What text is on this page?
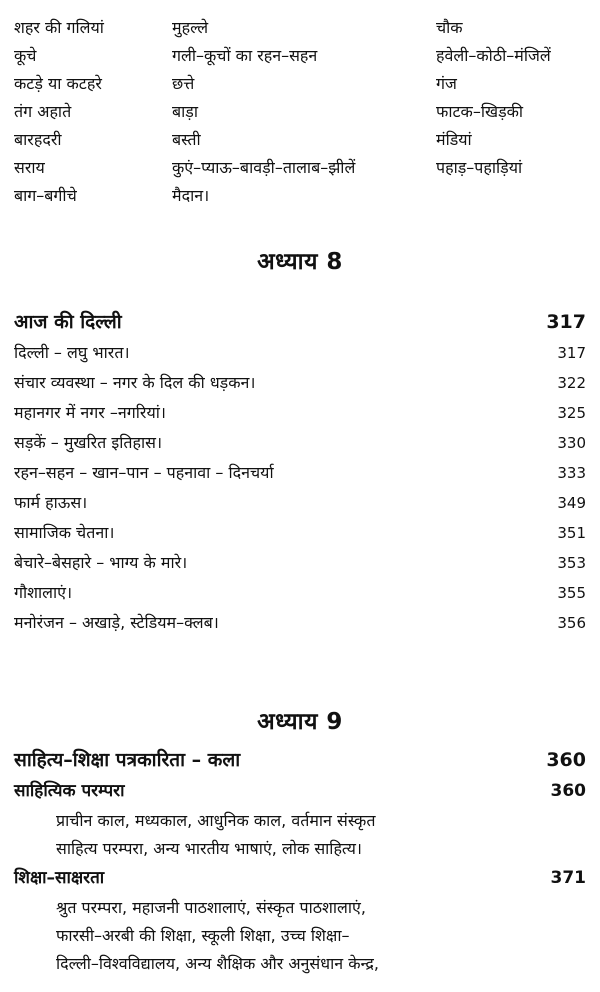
शहर की गलियां	मुहल्ले	चौक
कूचे	गली–कूचों का रहन–सहन	हवेली–कोठी–मंजिलें
कटड़े या कटहरे	छत्ते	गंज
तंग अहाते	बाड़ा	फाटक–खिड़की
बारहदरी	बस्ती	मंडियां
सराय	कुएं–प्याऊ–बावड़ी–तालाब–झीलें	पहाड़–पहाड़ियां
बाग–बगीचे	मैदान।
अध्याय 8
आज की दिल्ली	317
दिल्ली – लघु भारत।	317
संचार व्यवस्था – नगर के दिल की धड़कन।	322
महानगर में नगर –नगरियां।	325
सड़कें – मुखरित इतिहास।	330
रहन–सहन – खान–पान – पहनावा – दिनचर्या	333
फार्म हाऊस।	349
सामाजिक चेतना।	351
बेचारे–बेसहारे – भाग्य के मारे।	353
गौशालाएं।	355
मनोरंजन – अखाड़े, स्टेडियम–क्लब।	356
अध्याय 9
साहित्य–शिक्षा पत्रकारिता – कला	360
साहित्यिक परम्परा	360
प्राचीन काल, मध्यकाल, आधुनिक काल, वर्तमान संस्कृत
साहित्य परम्परा, अन्य भारतीय भाषाएं, लोक साहित्य।
शिक्षा–साक्षरता	371
श्रुत परम्परा, महाजनी पाठशालाएं, संस्कृत पाठशालाएं,
फारसी–अरबी की शिक्षा, स्कूली शिक्षा, उच्च शिक्षा–
दिल्ली–विश्वविद्यालय, अन्य शैक्षिक और अनुसंधान केन्द्र,
